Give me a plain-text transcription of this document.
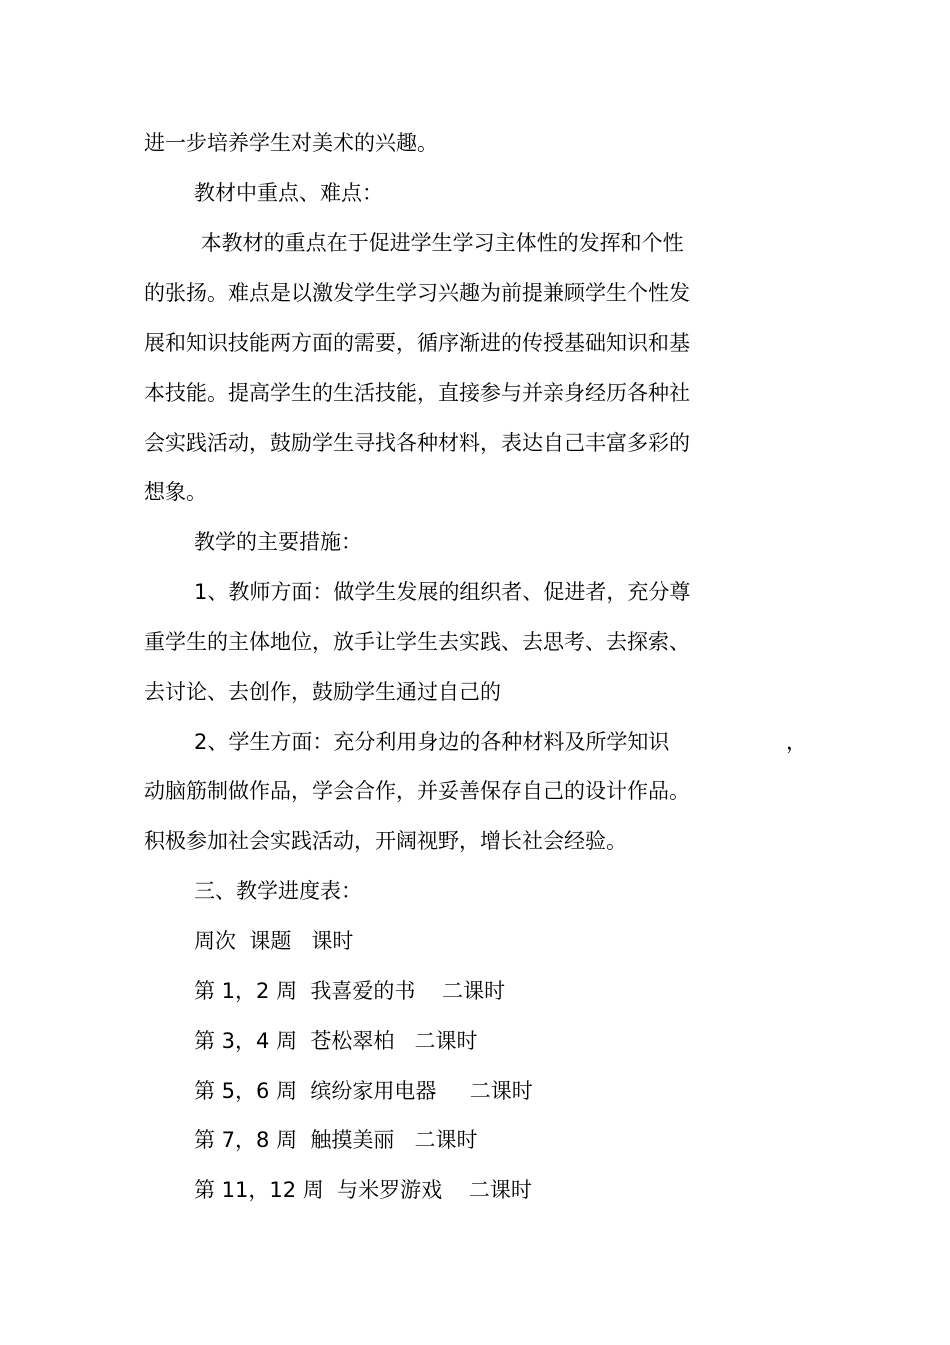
进一步培养学生对美术的兴趣。
教材中重点、难点：
本教材的重点在于促进学生学习主体性的发挥和个性
的张扬。难点是以激发学生学习兴趣为前提兼顾学生个性发
展和知识技能两方面的需要，循序渐进的传授基础知识和基
本技能。提高学生的生活技能，直接参与并亲身经历各种社
会实践活动，鼓励学生寻找各种材料，表达自己丰富多彩的
想象。
教学的主要措施：
1、教师方面：做学生发展的组织者、促进者，充分尊
重学生的主体地位，放手让学生去实践、去思考、去探索、
去讨论、去创作，鼓励学生通过自己的
2、学生方面：充分利用身边的各种材料及所学知识	，
动脑筋制做作品，学会合作，并妥善保存自己的设计作品。
积极参加社会实践活动，开阔视野，增长社会经验。
三、教学进度表：
周次  课题   课时
第 1，2 周  我喜爱的书    二课时
第 3，4 周  苍松翠柏   二课时
第 5，6 周  缤纷家用电器     二课时
第 7，8 周  触摸美丽   二课时
第 11，12 周  与米罗游戏    二课时
